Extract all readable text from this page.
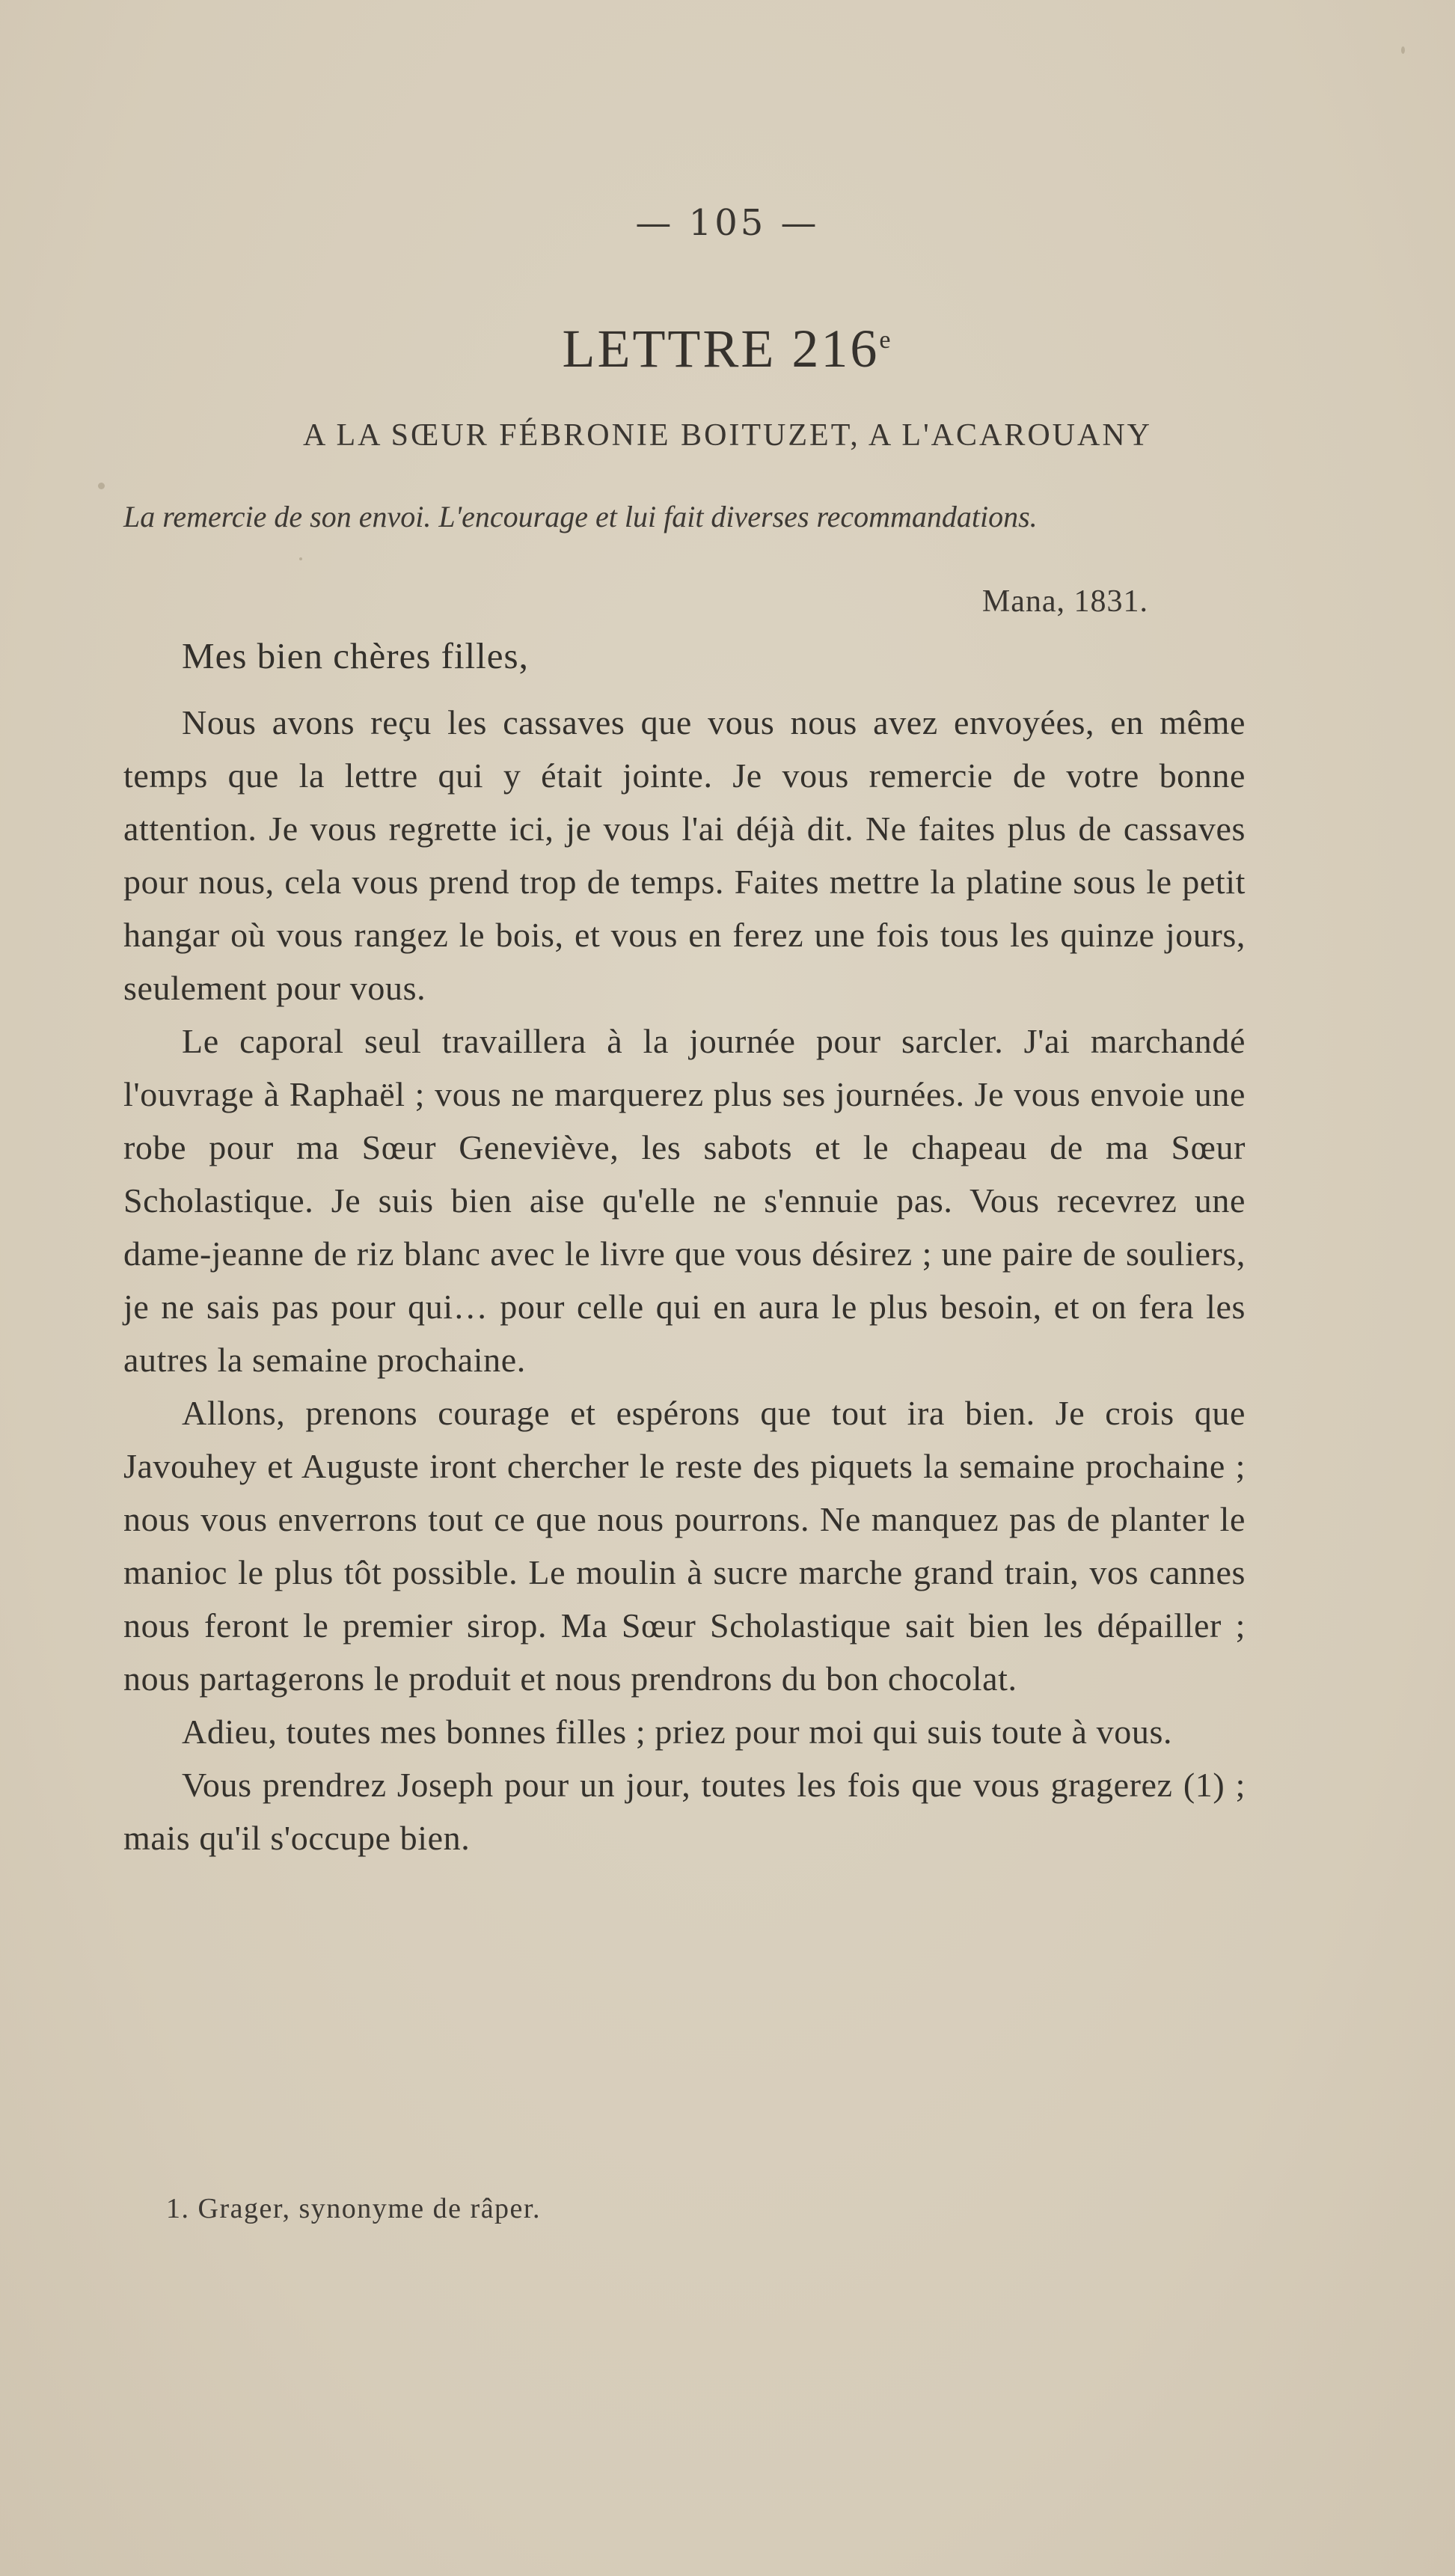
— 105 —
LETTRE 216e
A LA SŒUR FÉBRONIE BOITUZET, A L'ACAROUANY
La remercie de son envoi. L'encourage et lui fait diverses recommandations.
Mana, 1831.
Mes bien chères filles,

Nous avons reçu les cassaves que vous nous avez envoyées, en même temps que la lettre qui y était jointe. Je vous remercie de votre bonne attention. Je vous regrette ici, je vous l'ai déjà dit. Ne faites plus de cassaves pour nous, cela vous prend trop de temps. Faites mettre la platine sous le petit hangar où vous rangez le bois, et vous en ferez une fois tous les quinze jours, seulement pour vous.

Le caporal seul travaillera à la journée pour sarcler. J'ai marchandé l'ouvrage à Raphaël ; vous ne marquerez plus ses journées. Je vous envoie une robe pour ma Sœur Geneviève, les sabots et le chapeau de ma Sœur Scholastique. Je suis bien aise qu'elle ne s'ennuie pas. Vous recevrez une dame-jeanne de riz blanc avec le livre que vous désirez ; une paire de souliers, je ne sais pas pour qui… pour celle qui en aura le plus besoin, et on fera les autres la semaine prochaine.

Allons, prenons courage et espérons que tout ira bien. Je crois que Javouhey et Auguste iront chercher le reste des piquets la semaine prochaine ; nous vous enverrons tout ce que nous pourrons. Ne manquez pas de planter le manioc le plus tôt possible. Le moulin à sucre marche grand train, vos cannes nous feront le premier sirop. Ma Sœur Scholastique sait bien les dépailler ; nous partagerons le produit et nous prendrons du bon chocolat.

Adieu, toutes mes bonnes filles ; priez pour moi qui suis toute à vous.

Vous prendrez Joseph pour un jour, toutes les fois que vous gragerez (1) ; mais qu'il s'occupe bien.

1. Grager, synonyme de râper.
